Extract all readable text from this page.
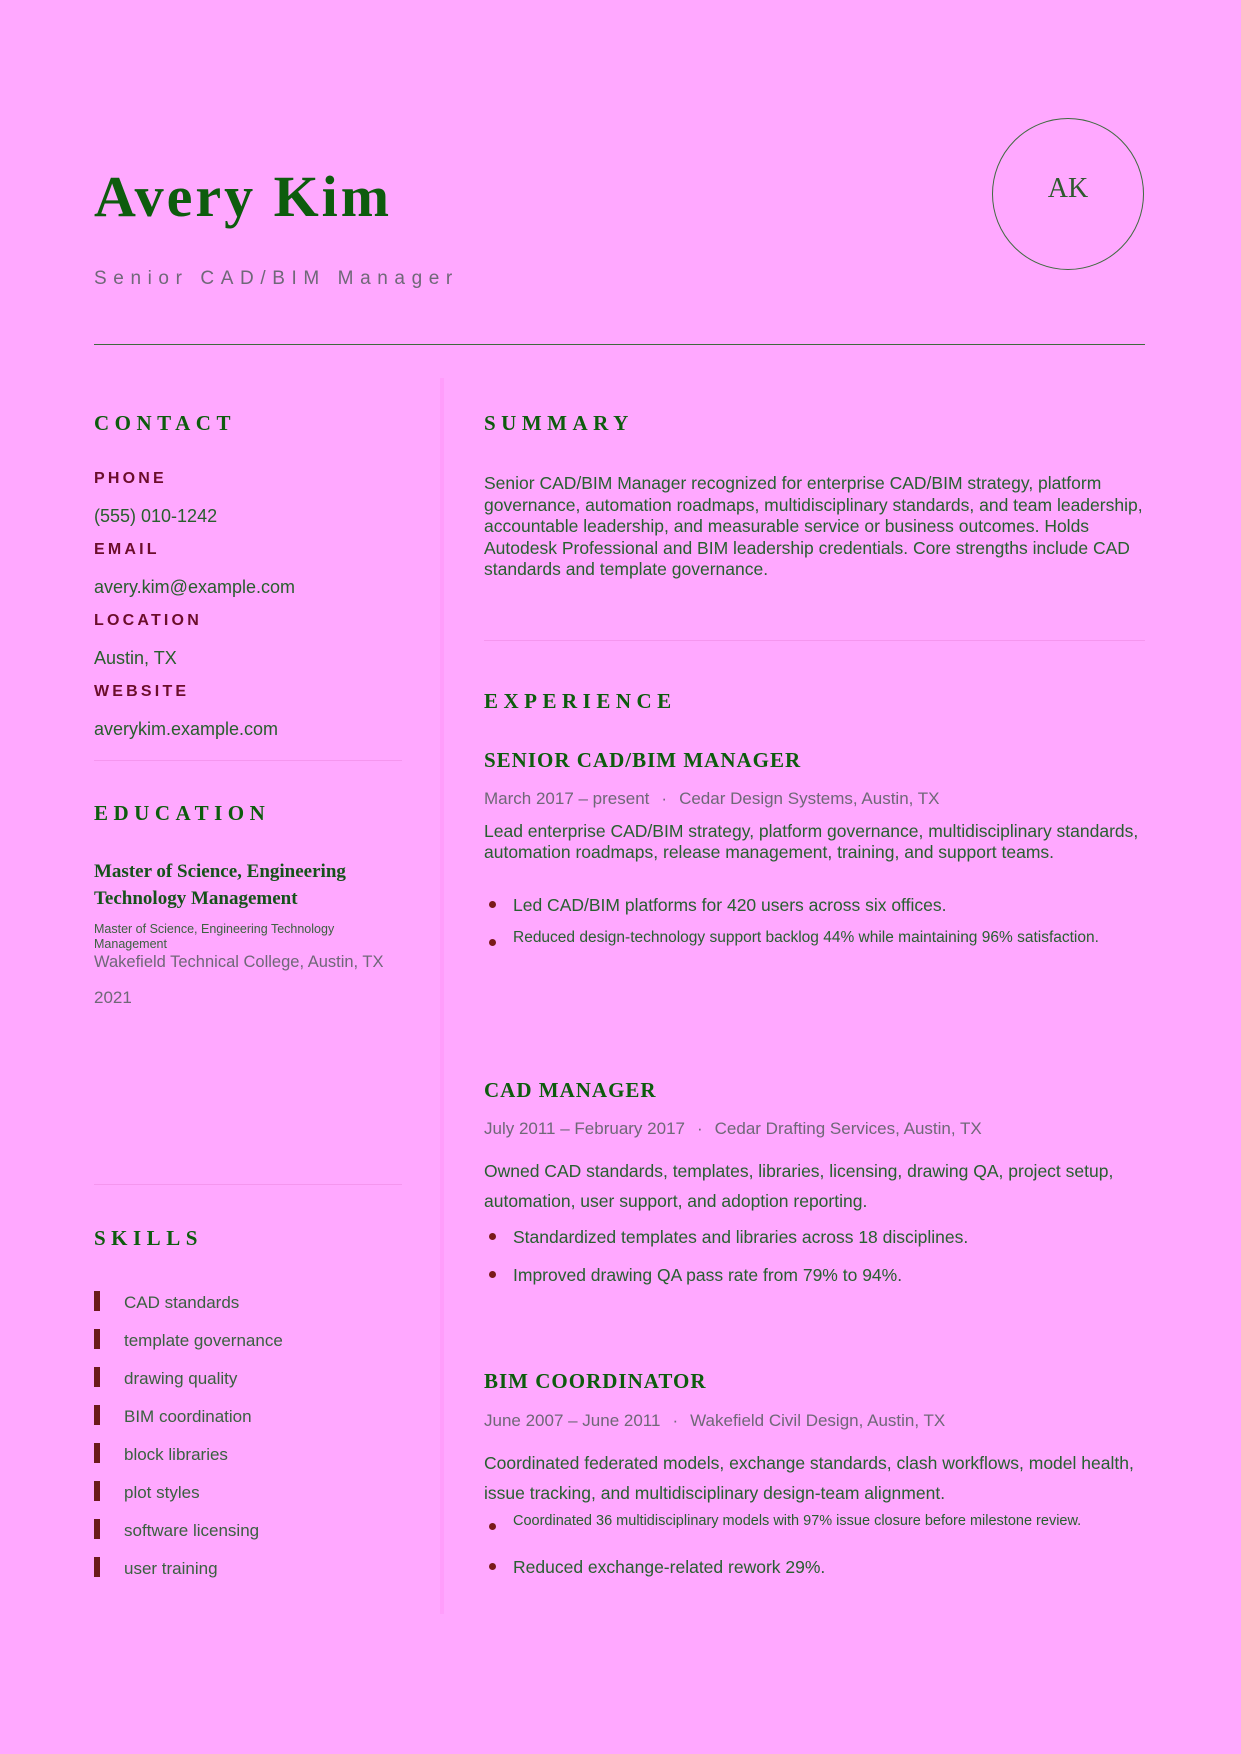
Avery Kim
Senior CAD/BIM Manager
AK
CONTACT
PHONE
(555) 010-1242
EMAIL
avery.kim@example.com
LOCATION
Austin, TX
WEBSITE
averykim.example.com
EDUCATION
Master of Science, Engineering Technology Management
Master of Science, Engineering Technology Management
Wakefield Technical College, Austin, TX
2021
SKILLS
CAD standards
template governance
drawing quality
BIM coordination
block libraries
plot styles
software licensing
user training
SUMMARY
Senior CAD/BIM Manager recognized for enterprise CAD/BIM strategy, platform governance, automation roadmaps, multidisciplinary standards, and team leadership, accountable leadership, and measurable service or business outcomes. Holds Autodesk Professional and BIM leadership credentials. Core strengths include CAD standards and template governance.
EXPERIENCE
SENIOR CAD/BIM MANAGER
March 2017 – present · Cedar Design Systems, Austin, TX
Lead enterprise CAD/BIM strategy, platform governance, multidisciplinary standards, automation roadmaps, release management, training, and support teams.
Led CAD/BIM platforms for 420 users across six offices.
Reduced design-technology support backlog 44% while maintaining 96% satisfaction.
CAD MANAGER
July 2011 – February 2017 · Cedar Drafting Services, Austin, TX
Owned CAD standards, templates, libraries, licensing, drawing QA, project setup, automation, user support, and adoption reporting.
Standardized templates and libraries across 18 disciplines.
Improved drawing QA pass rate from 79% to 94%.
BIM COORDINATOR
June 2007 – June 2011 · Wakefield Civil Design, Austin, TX
Coordinated federated models, exchange standards, clash workflows, model health, issue tracking, and multidisciplinary design-team alignment.
Coordinated 36 multidisciplinary models with 97% issue closure before milestone review.
Reduced exchange-related rework 29%.
